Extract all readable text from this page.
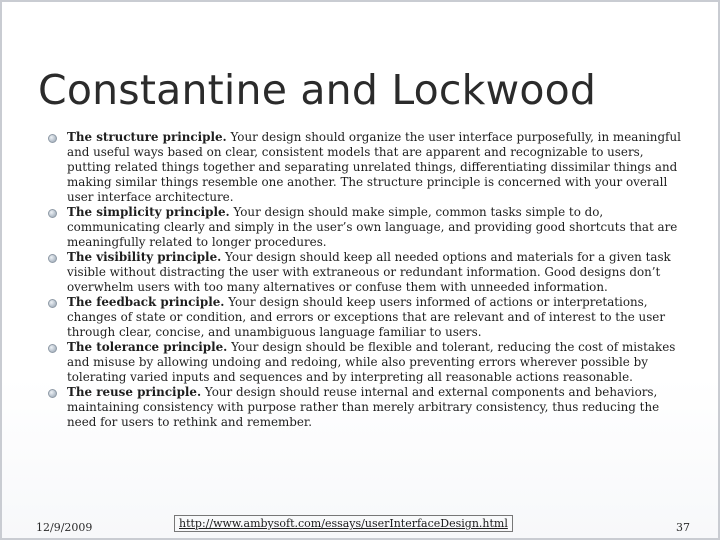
Constantine and Lockwood
The structure principle. Your design should organize the user interface purposefully, in meaningful and useful ways based on clear, consistent models that are apparent and recognizable to users, putting related things together and separating unrelated things, differentiating dissimilar things and making similar things resemble one another. The structure principle is concerned with your overall user interface architecture.
The simplicity principle. Your design should make simple, common tasks simple to do, communicating clearly and simply in the user’s own language, and providing good shortcuts that are meaningfully related to longer procedures.
The visibility principle. Your design should keep all needed options and materials for a given task visible without distracting the user with extraneous or redundant information. Good designs don’t overwhelm users with too many alternatives or confuse them with unneeded information.
The feedback principle. Your design should keep users informed of actions or interpretations, changes of state or condition, and errors or exceptions that are relevant and of interest to the user through clear, concise, and unambiguous language familiar to users.
The tolerance principle. Your design should be flexible and tolerant, reducing the cost of mistakes and misuse by allowing undoing and redoing, while also preventing errors wherever possible by tolerating varied inputs and sequences and by interpreting all reasonable actions reasonable.
The reuse principle. Your design should reuse internal and external components and behaviors, maintaining consistency with purpose rather than merely arbitrary consistency, thus reducing the need for users to rethink and remember.
12/9/2009	http://www.ambysoft.com/essays/userInterfaceDesign.html	37
